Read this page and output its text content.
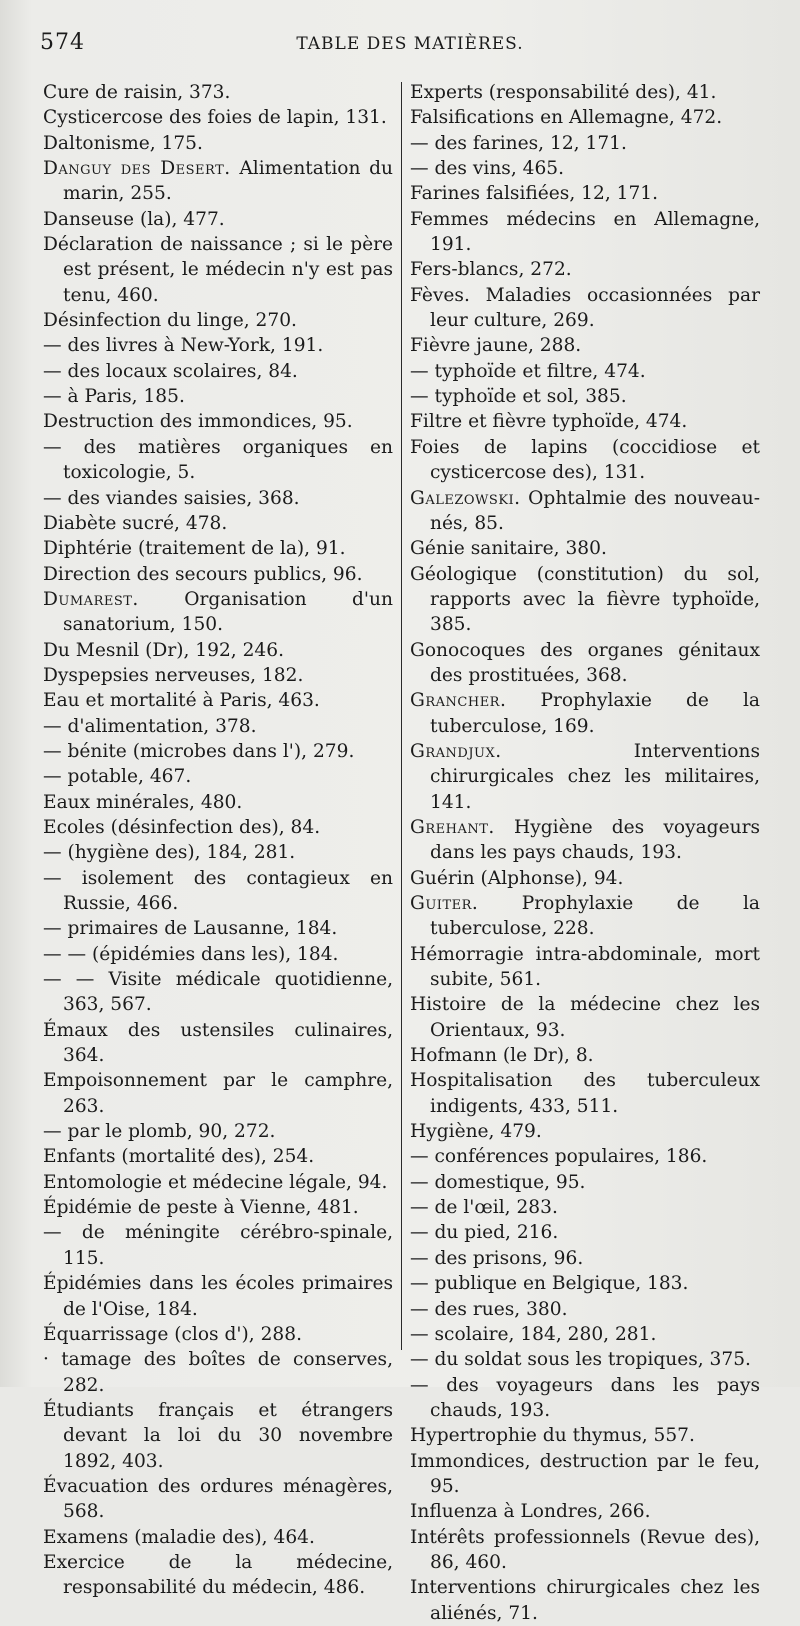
574	TABLE DES MATIÈRES.
Cure de raisin, 373.
Cysticercose des foies de lapin, 131.
Daltonisme, 175.
Danguy des Desert. Alimentation du marin, 255.
Danseuse (la), 477.
Déclaration de naissance ; si le père est présent, le médecin n'y est pas tenu, 460.
Désinfection du linge, 270.
— des livres à New-York, 191.
— des locaux scolaires, 84.
— à Paris, 185.
Destruction des immondices, 95.
— des matières organiques en toxicologie, 5.
— des viandes saisies, 368.
Diabète sucré, 478.
Diphtérie (traitement de la), 91.
Direction des secours publics, 96.
Dumarest. Organisation d'un sanatorium, 150.
Du Mesnil (Dr), 192, 246.
Dyspepsies nerveuses, 182.
Eau et mortalité à Paris, 463.
— d'alimentation, 378.
— bénite (microbes dans l'), 279.
— potable, 467.
Eaux minérales, 480.
Ecoles (désinfection des), 84.
— (hygiène des), 184, 281.
— isolement des contagieux en Russie, 466.
— primaires de Lausanne, 184.
— — (épidémies dans les), 184.
— — Visite médicale quotidienne, 363, 567.
Émaux des ustensiles culinaires, 364.
Empoisonnement par le camphre, 263.
— par le plomb, 90, 272.
Enfants (mortalité des), 254.
Entomologie et médecine légale, 94.
Épidémie de peste à Vienne, 481.
— de méningite cérébro-spinale, 115.
Épidémies dans les écoles primaires de l'Oise, 184.
Équarrissage (clos d'), 288.
· tamage des boîtes de conserves, 282.
Étudiants français et étrangers devant la loi du 30 novembre 1892, 403.
Évacuation des ordures ménagères, 568.
Examens (maladie des), 464.
Exercice de la médecine, responsabilité du médecin, 486.
Experts (responsabilité des), 41.
Falsifications en Allemagne, 472.
— des farines, 12, 171.
— des vins, 465.
Farines falsifiées, 12, 171.
Femmes médecins en Allemagne, 191.
Fers-blancs, 272.
Fèves. Maladies occasionnées par leur culture, 269.
Fièvre jaune, 288.
— typhoïde et filtre, 474.
— typhoïde et sol, 385.
Filtre et fièvre typhoïde, 474.
Foies de lapins (coccidiose et cysticercose des), 131.
Galezowski. Ophtalmie des nouveau-nés, 85.
Génie sanitaire, 380.
Géologique (constitution) du sol, rapports avec la fièvre typhoïde, 385.
Gonocoques des organes génitaux des prostituées, 368.
Grancher. Prophylaxie de la tuberculose, 169.
Grandjux.	Interventions chirurgicales chez les militaires, 141.
Grehant. Hygiène des voyageurs dans les pays chauds, 193.
Guérin (Alphonse), 94.
Guiter. Prophylaxie de la tuberculose, 228.
Hémorragie intra-abdominale, mort subite, 561.
Histoire de la médecine chez les Orientaux, 93.
Hofmann (le Dr), 8.
Hospitalisation des tuberculeux indigents, 433, 511.
Hygiène, 479.
— conférences populaires, 186.
— domestique, 95.
— de l'œil, 283.
— du pied, 216.
— des prisons, 96.
— publique en Belgique, 183.
— des rues, 380.
— scolaire, 184, 280, 281.
— du soldat sous les tropiques, 375.
— des voyageurs dans les pays chauds, 193.
Hypertrophie du thymus, 557.
Immondices, destruction par le feu, 95.
Influenza à Londres, 266.
Intérêts professionnels (Revue des), 86, 460.
Interventions chirurgicales chez les aliénés, 71.
